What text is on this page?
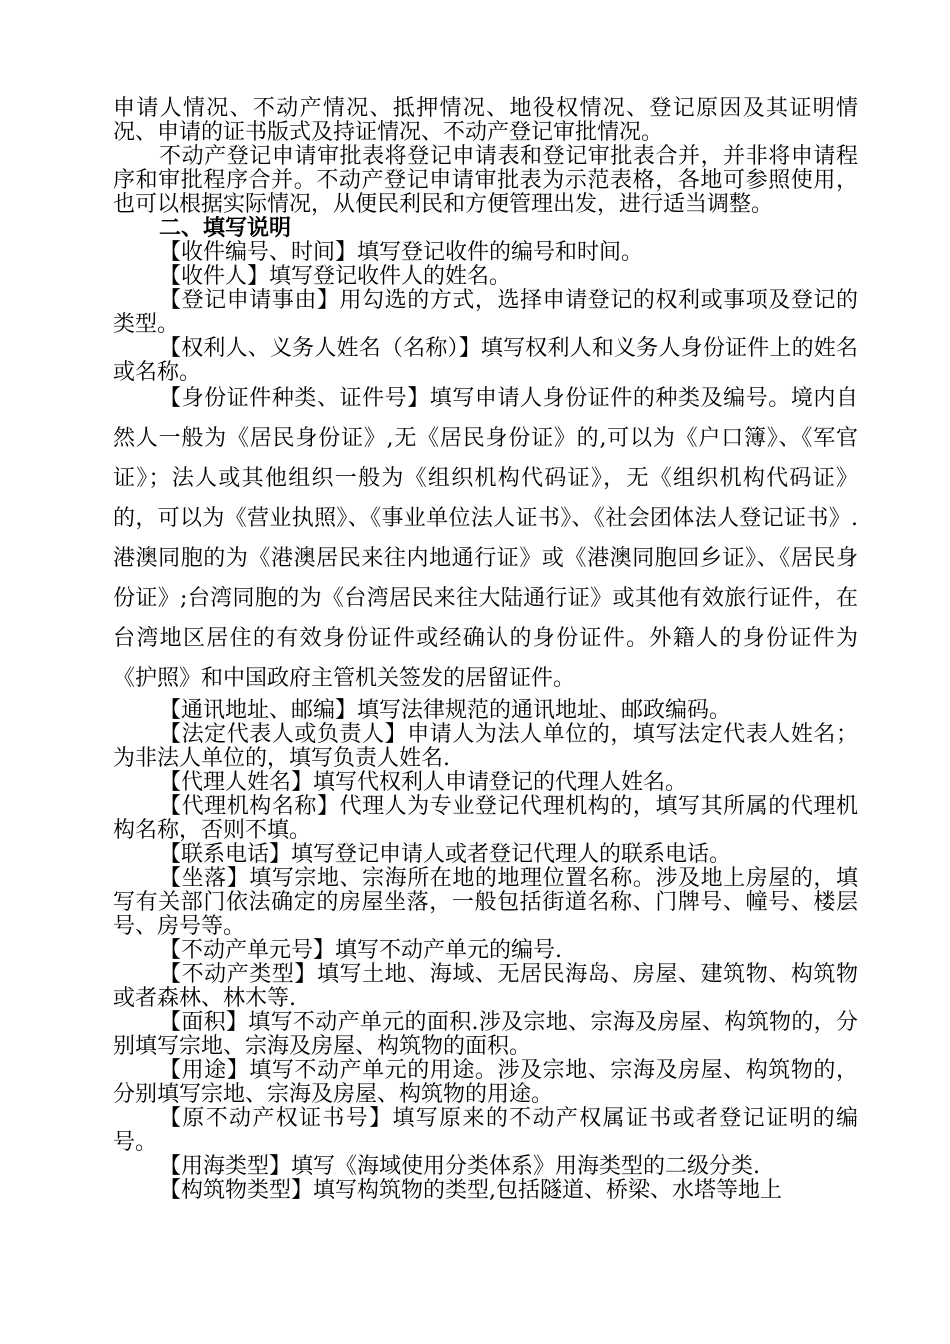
申请人情况、不动产情况、抵押情况、地役权情况、登记原因及其证明情况、申请的证书版式及持证情况、不动产登记审批情况。

不动产登记申请审批表将登记申请表和登记审批表合并，并非将申请程序和审批程序合并。不动产登记申请审批表为示范表格，各地可参照使用，也可以根据实际情况，从便民利民和方便管理出发，进行适当调整。

二、填写说明

【收件编号、时间】填写登记收件的编号和时间。

【收件人】填写登记收件人的姓名。

【登记申请事由】用勾选的方式，选择申请登记的权利或事项及登记的类型。

【权利人、义务人姓名（名称）】填写权利人和义务人身份证件上的姓名或名称。

【身份证件种类、证件号】填写申请人身份证件的种类及编号。境内自然人一般为《居民身份证》,无《居民身份证》的,可以为《户口簿》、《军官证》；法人或其他组织一般为《组织机构代码证》，无《组织机构代码证》的，可以为《营业执照》、《事业单位法人证书》、《社会团体法人登记证书》.港澳同胞的为《港澳居民来往内地通行证》或《港澳同胞回乡证》、《居民身份证》;台湾同胞的为《台湾居民来往大陆通行证》或其他有效旅行证件，在台湾地区居住的有效身份证件或经确认的身份证件。外籍人的身份证件为《护照》和中国政府主管机关签发的居留证件。

【通讯地址、邮编】填写法律规范的通讯地址、邮政编码。

【法定代表人或负责人】申请人为法人单位的，填写法定代表人姓名；为非法人单位的，填写负责人姓名.

【代理人姓名】填写代权利人申请登记的代理人姓名。

【代理机构名称】代理人为专业登记代理机构的，填写其所属的代理机构名称，否则不填。

【联系电话】填写登记申请人或者登记代理人的联系电话。

【坐落】填写宗地、宗海所在地的地理位置名称。涉及地上房屋的，填写有关部门依法确定的房屋坐落，一般包括街道名称、门牌号、幢号、楼层号、房号等。

【不动产单元号】填写不动产单元的编号.

【不动产类型】填写土地、海域、无居民海岛、房屋、建筑物、构筑物或者森林、林木等.

【面积】填写不动产单元的面积.涉及宗地、宗海及房屋、构筑物的，分别填写宗地、宗海及房屋、构筑物的面积。

【用途】填写不动产单元的用途。涉及宗地、宗海及房屋、构筑物的，分别填写宗地、宗海及房屋、构筑物的用途。

【原不动产权证书号】填写原来的不动产权属证书或者登记证明的编号。

【用海类型】填写《海域使用分类体系》用海类型的二级分类.

【构筑物类型】填写构筑物的类型,包括隧道、桥梁、水塔等地上
